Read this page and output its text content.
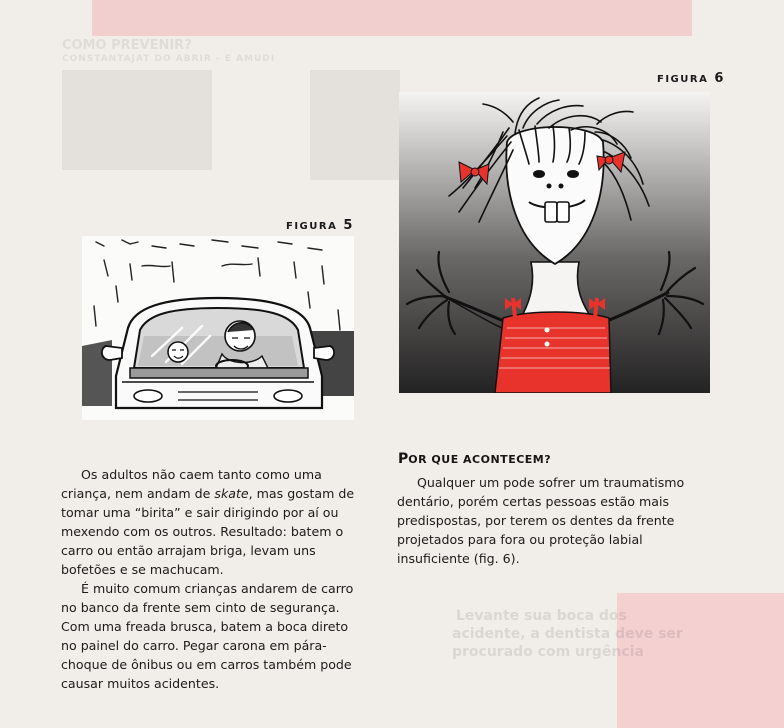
COMO PREVENIR?
CONSTANTAJAT DO ABRIR - E AMUDI
Levante sua boca dos
acidente, a dentista deve ser
procurado com urgência
FIGURA 5
FIGURA 6

Os adultos não caem tanto como uma criança, nem andam de skate, mas gostam de tomar uma “birita” e sair dirigindo por aí ou mexendo com os outros. Resultado: batem o carro ou então arrajam briga, levam uns bofetões e se machucam.

É muito comum crianças andarem de carro no banco da frente sem cinto de segurança. Com uma freada brusca, batem a boca direto no painel do carro. Pegar carona em pára-choque de ônibus ou em carros também pode causar muitos acidentes.

POR QUE ACONTECEM?

Qualquer um pode sofrer um traumatismo dentário, porém certas pessoas estão mais predispostas, por terem os dentes da frente projetados para fora ou proteção labial insuficiente (fig. 6).
